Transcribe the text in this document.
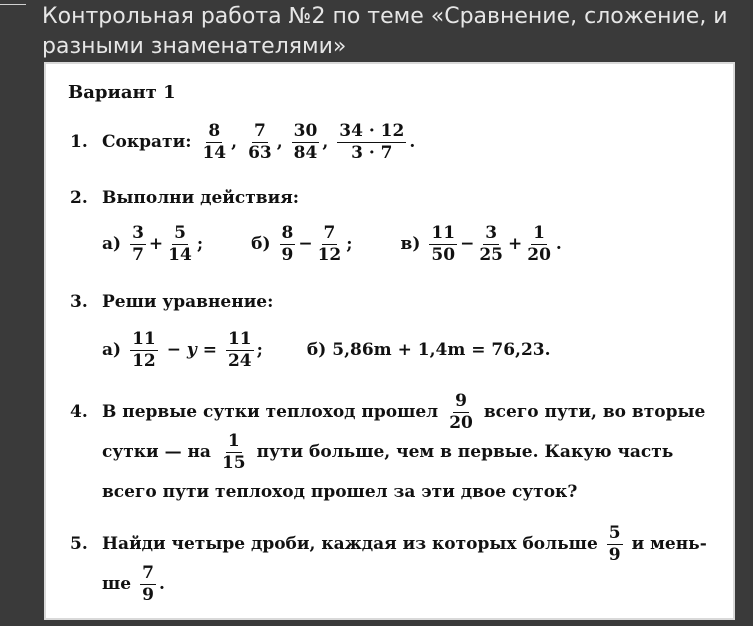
Контрольная работа №2 по теме «Сравнение, сложение, и
разными знаменателями»
Вариант 1
1. Сократи: $\frac{8}{14}$ , $\frac{7}{63}$ , $\frac{30}{84}$ , $\frac{34 \cdot 12}{3 \cdot 7}$ .
2. Выполни действия:
$а) \frac{3}{7} + \frac{5}{14}$ ;	$б) \frac{8}{9} - \frac{7}{12}$ ;	$в) \frac{11}{50} - \frac{3}{25} + \frac{1}{20}$ .
3. Реши уравнение:
$а) \frac{11}{12} - y = \frac{11}{24}$ ;	б) 5,86m + 1,4m = 76,23.
4. В первые сутки теплоход прошел $\frac{9}{20}$ всего пути, во вторые
сутки — на $\frac{1}{15}$ пути больше, чем в первые. Какую часть
всего пути теплоход прошел за эти двое суток?
5. Найди четыре дроби, каждая из которых больше $\frac{5}{9}$ и мень-
ше $\frac{7}{9}$ .
